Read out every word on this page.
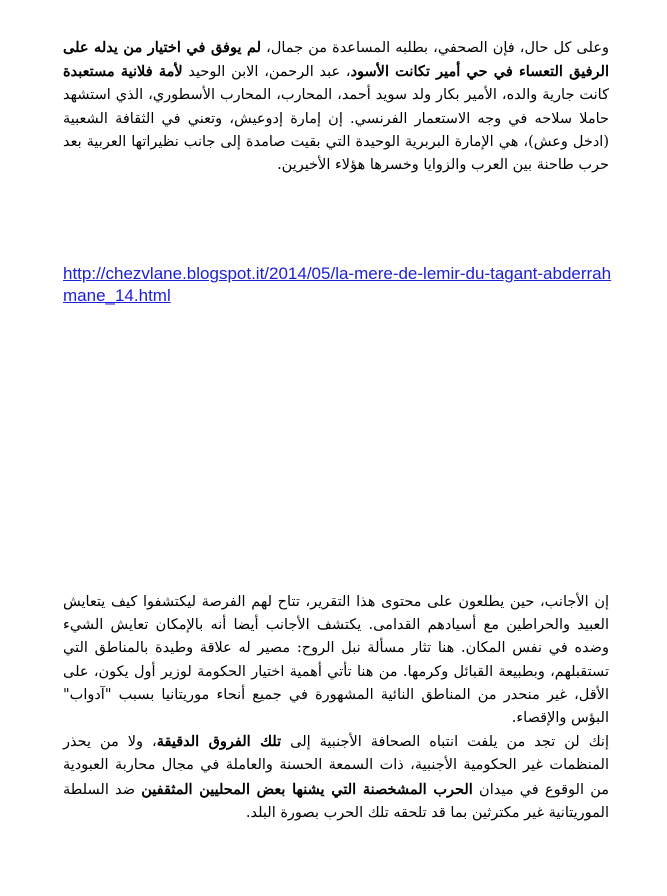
وعلى كل حال، فإن الصحفي، بطلبه المساعدة من جمال، لم يوفق في اختيار من يدله على الرفيق التعساء في حي أمير تكانت الأسود، عبد الرحمن، الابن الوحيد لأمة فلانية مستعبدة كانت جارية والده، الأمير بكار ولد سويد أحمد، المحارب، المحارب الأسطوري، الذي استشهد حاملا سلاحه في وجه الاستعمار الفرنسي. إن إمارة إدوعيش، وتعني في الثقافة الشعبية (ادخل وعش)، هي الإمارة البربرية الوحيدة التي بقيت صامدة إلى جانب نظيراتها العربية بعد حرب طاحنة بين العرب والزوايا وخسرها هؤلاء الأخيرين.
http://chezvlane.blogspot.it/2014/05/la-mere-de-lemir-du-tagant-abderrahmane_14.html

إن الأجانب، حين يطلعون على محتوى هذا التقرير، تتاح لهم الفرصة ليكتشفوا كيف يتعايش العبيد والحراطين مع أسيادهم القدامى. يكتشف الأجانب أيضا أنه بالإمكان تعايش الشيء وضده في نفس المكان. هنا تثار مسألة نبل الروح: مصير له علاقة وطيدة بالمناطق التي تستقبلهم، وبطبيعة القبائل وكرمها. من هنا تأتي أهمية اختيار الحكومة لوزير أول يكون، على الأقل، غير منحدر من المناطق النائية المشهورة في جميع أنحاء موريتانيا بسبب "آدواب" البؤس والإقصاء.

إنك لن تجد من يلفت انتباه الصحافة الأجنبية إلى تلك الفروق الدقيقة، ولا من يحذر المنظمات غير الحكومية الأجنبية، ذات السمعة الحسنة والعاملة في مجال محاربة العبودية من الوقوع في ميدان الحرب المشخصنة التي يشنها بعض المحليين المثقفين ضد السلطة الموريتانية غير مكترثين بما قد تلحقه تلك الحرب بصورة البلد.
